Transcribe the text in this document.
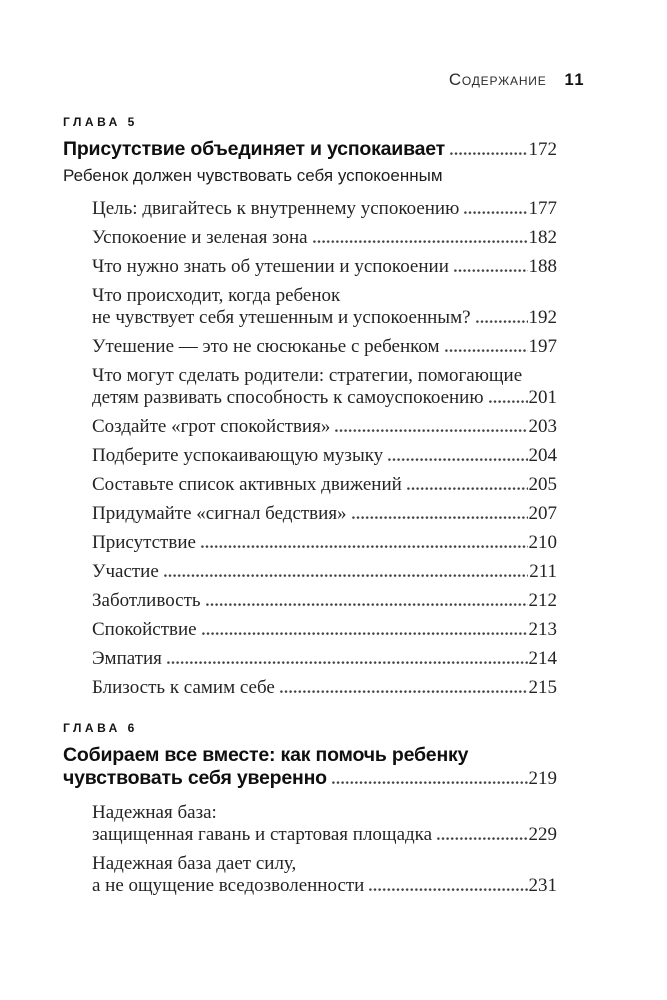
Содержание 11
ГЛАВА 5
Присутствие объединяет и успокаивает	172
Ребенок должен чувствовать себя успокоенным
Цель: двигайтесь к внутреннему успокоению	177
Успокоение и зеленая зона	182
Что нужно знать об утешении и успокоении	188
Что происходит, когда ребенок
не чувствует себя утешенным и успокоенным?	192
Утешение — это не сюсюканье с ребенком	197
Что могут сделать родители: стратегии, помогающие
детям развивать способность к самоуспокоению 201
Создайте «грот спокойствия»	203
Подберите успокаивающую музыку	204
Составьте список активных движений	205
Придумайте «сигнал бедствия»	207
Присутствие	210
Участие	211
Заботливость	212
Спокойствие	213
Эмпатия	214
Близость к самим себе	215
ГЛАВА 6
Собираем все вместе: как помочь ребенку
чувствовать себя уверенно	219
Надежная база:
защищенная гавань и стартовая площадка	229
Надежная база дает силу,
а не ощущение вседозволенности	231
